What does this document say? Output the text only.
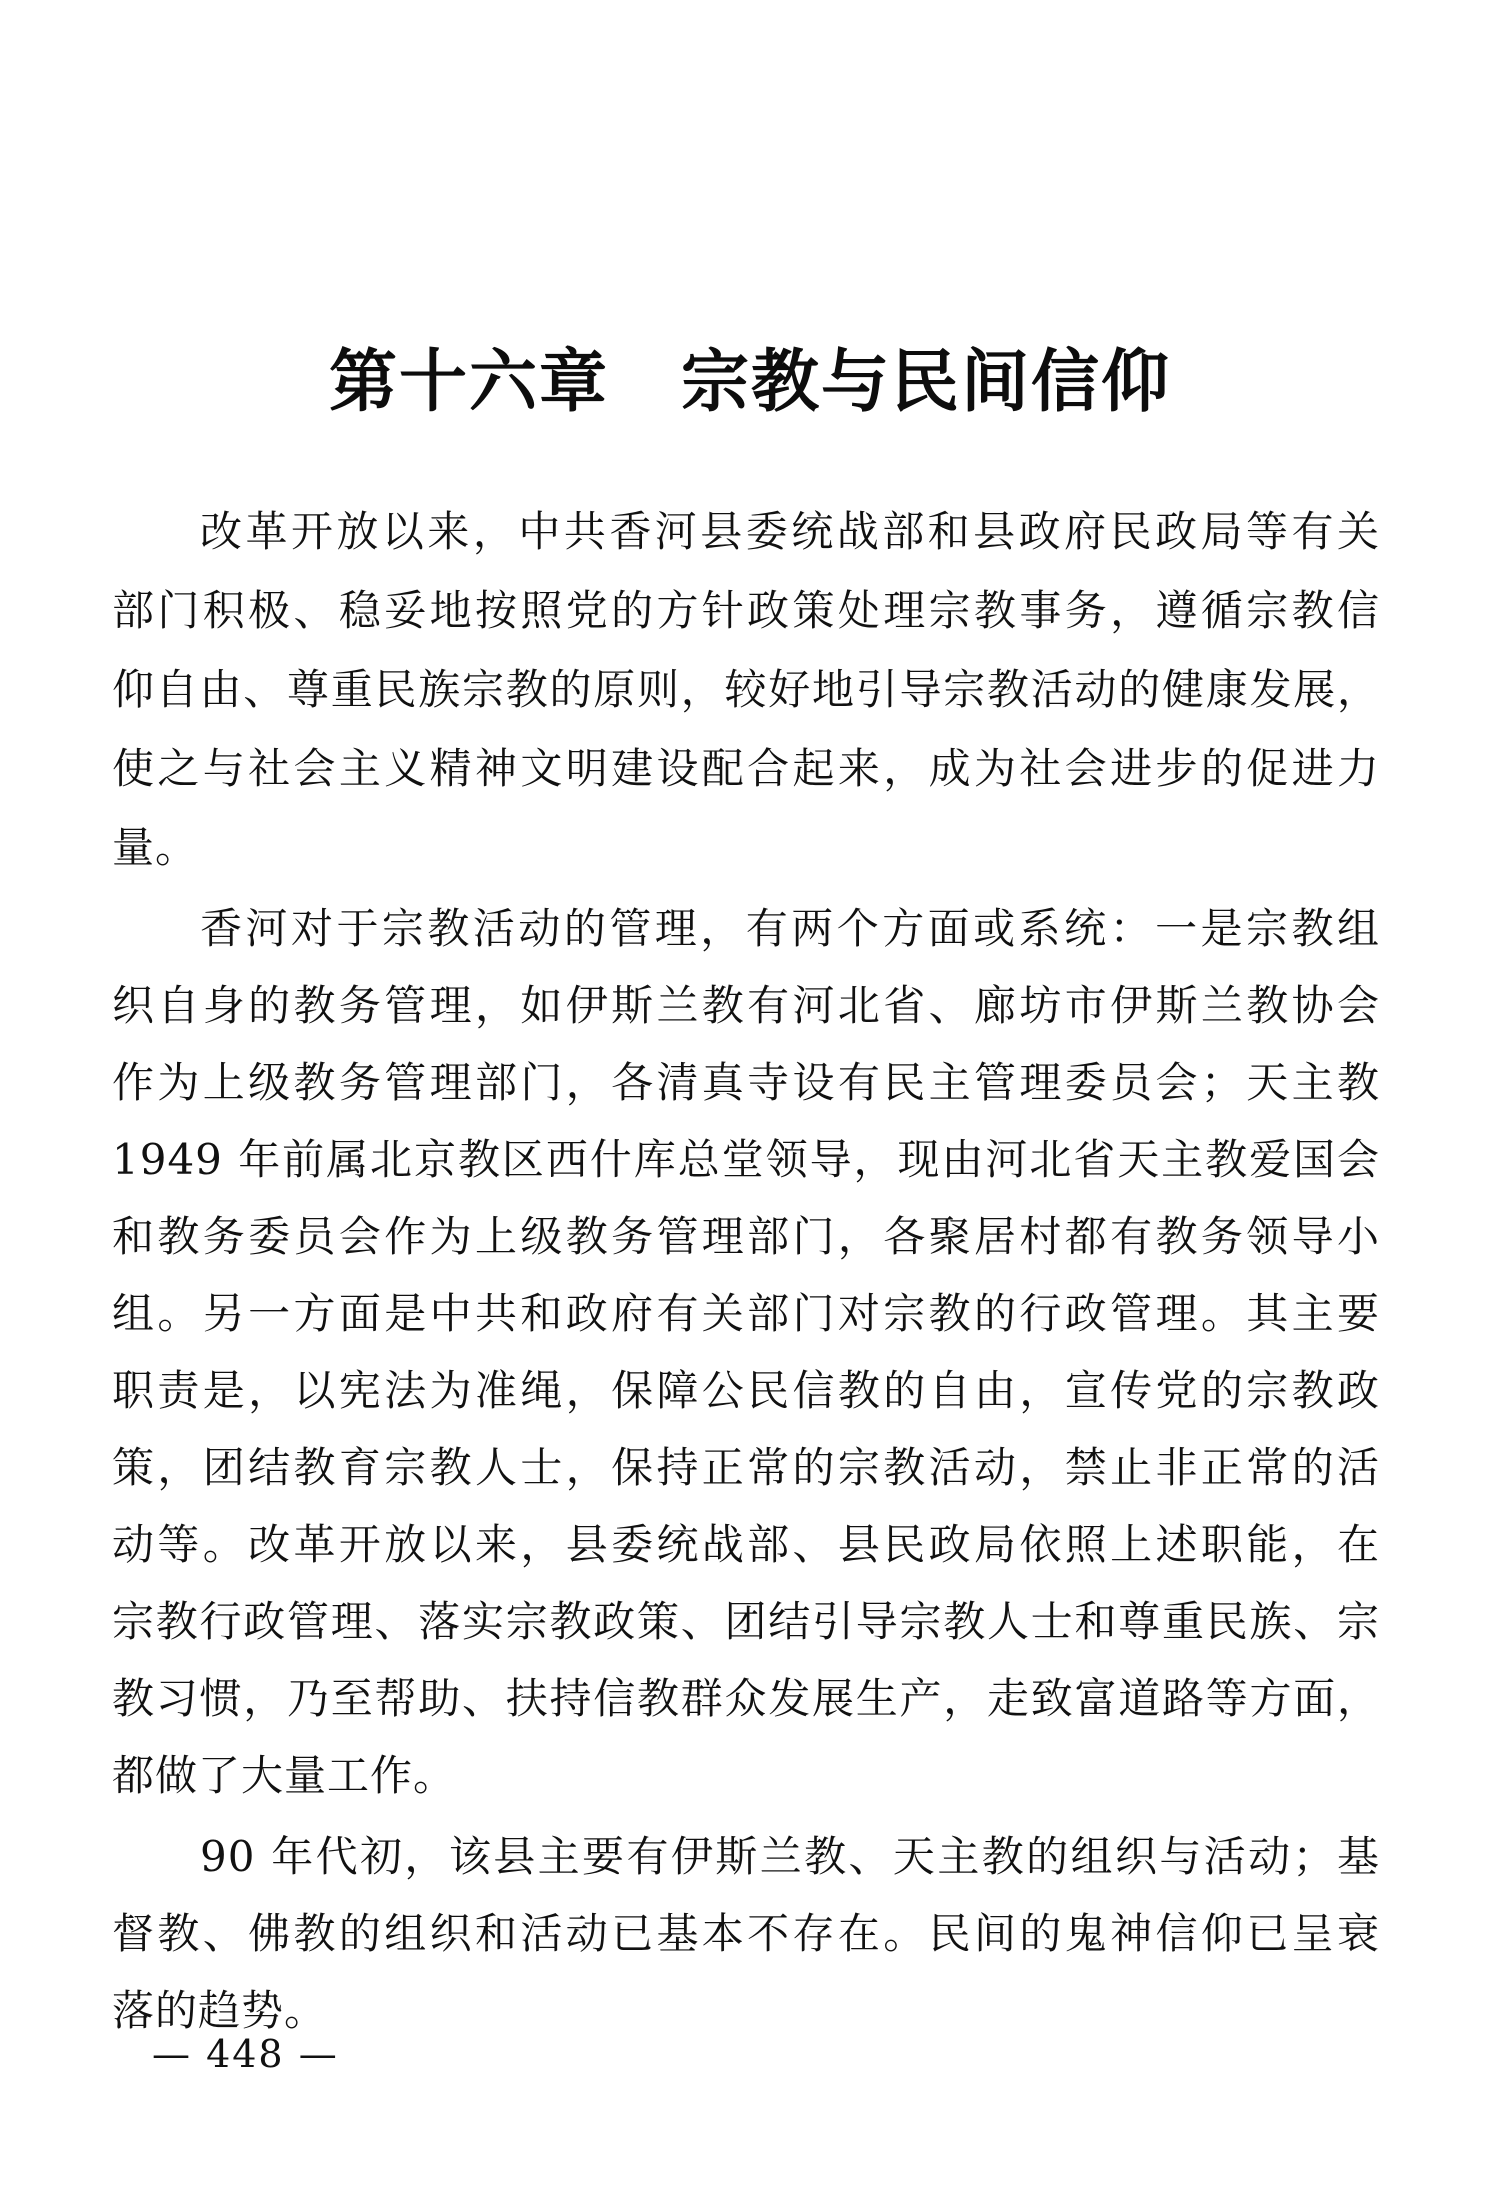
第十六章 宗教与民间信仰
改革开放以来，中共香河县委统战部和县政府民政局等有关
部门积极、稳妥地按照党的方针政策处理宗教事务，遵循宗教信
仰自由、尊重民族宗教的原则，较好地引导宗教活动的健康发展，
使之与社会主义精神文明建设配合起来，成为社会进步的促进力
量。
香河对于宗教活动的管理，有两个方面或系统：一是宗教组
织自身的教务管理，如伊斯兰教有河北省、廊坊市伊斯兰教协会
作为上级教务管理部门，各清真寺设有民主管理委员会；天主教
1949 年前属北京教区西什库总堂领导，现由河北省天主教爱国会
和教务委员会作为上级教务管理部门，各聚居村都有教务领导小
组。另一方面是中共和政府有关部门对宗教的行政管理。其主要
职责是，以宪法为准绳，保障公民信教的自由，宣传党的宗教政
策，团结教育宗教人士，保持正常的宗教活动，禁止非正常的活
动等。改革开放以来，县委统战部、县民政局依照上述职能，在
宗教行政管理、落实宗教政策、团结引导宗教人士和尊重民族、宗
教习惯，乃至帮助、扶持信教群众发展生产，走致富道路等方面，
都做了大量工作。
90 年代初，该县主要有伊斯兰教、天主教的组织与活动；基
督教、佛教的组织和活动已基本不存在。民间的鬼神信仰已呈衰
落的趋势。
— 448 —
